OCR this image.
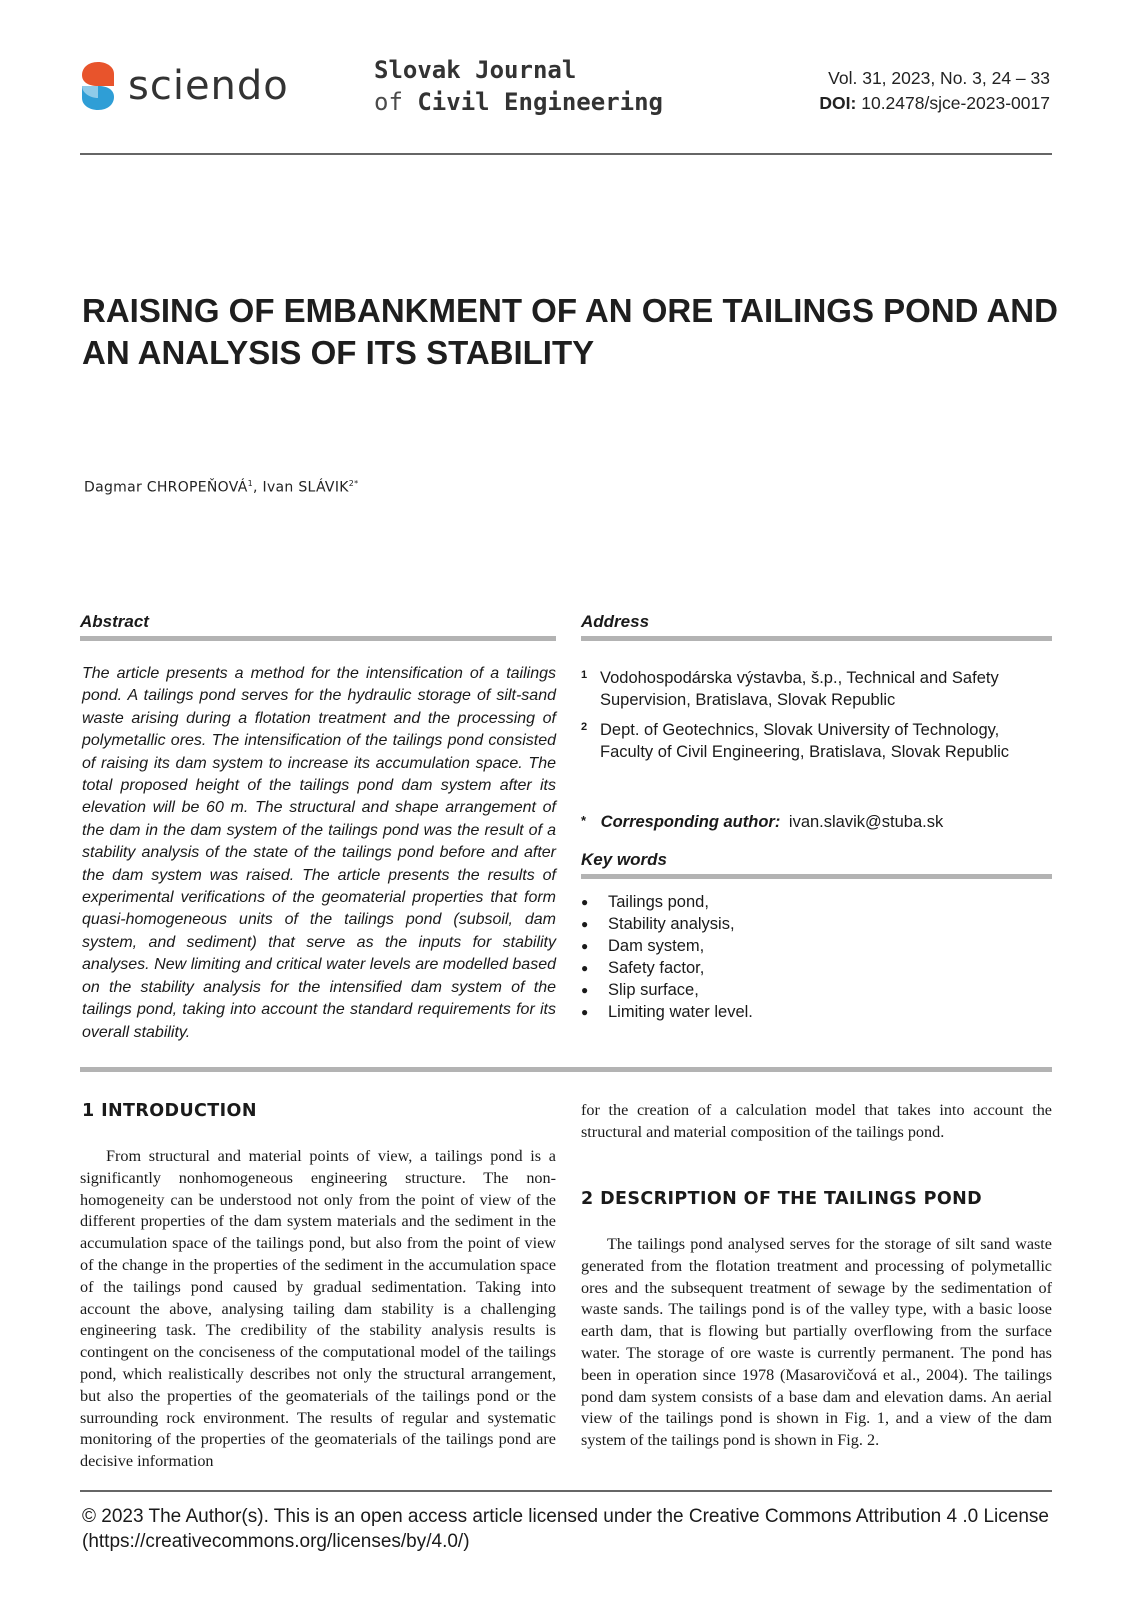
sciendo	Slovak Journal
of Civil Engineering
Vol. 31, 2023, No. 3, 24 – 33
DOI: 10.2478/sjce-2023-0017
RAISING OF EMBANKMENT OF AN ORE TAILINGS POND AND AN ANALYSIS OF ITS STABILITY
Dagmar CHROPEŇOVÁ$^1$, Ivan $SLÁVIK^{2*}$
Abstract
The article presents a method for the intensification of a tailings pond. A tailings pond serves for the hydraulic storage of silt-sand waste arising during a flotation treatment and the processing of polymetallic ores. The intensification of the tailings pond consisted of raising its dam system to increase its accumulation space. The total proposed height of the tailings pond dam system after its elevation will be 60 m. The structural and shape arrangement of the dam in the dam system of the tailings pond was the result of a stability analysis of the state of the tailings pond before and after the dam system was raised. The article presents the results of experimental verifications of the geomaterial properties that form quasi-homogeneous units of the tailings pond (subsoil, dam system, and sediment) that serve as the inputs for stability analyses. New limiting and critical water levels are modelled based on the stability analysis for the intensified dam system of the tailings pond, taking into account the standard requirements for its overall stability.
Address
1 Vodohospodárska výstavba, š.p., Technical and Safety Supervision, Bratislava, Slovak Republic
2 Dept. of Geotechnics, Slovak University of Technology, Faculty of Civil Engineering, Bratislava, Slovak Republic
* Corresponding author: ivan.slavik@stuba.sk
Key words
● Tailings pond,
● Stability analysis,
● Dam system,
● Safety factor,
● Slip surface,
● Limiting water level.
1 INTRODUCTION
From structural and material points of view, a tailings pond is a significantly nonhomogeneous engineering structure. The non-homogeneity can be understood not only from the point of view of the different properties of the dam system materials and the sediment in the accumulation space of the tailings pond, but also from the point of view of the change in the properties of the sediment in the accumulation space of the tailings pond caused by gradual sedimentation. Taking into account the above, analysing tailing dam stability is a challenging engineering task. The credibility of the stability analysis results is contingent on the conciseness of the computational model of the tailings pond, which realistically describes not only the structural arrangement, but also the properties of the geomaterials of the tailings pond or the surrounding rock environment. The results of regular and systematic monitoring of the properties of the geomaterials of the tailings pond are decisive information
for the creation of a calculation model that takes into account the structural and material composition of the tailings pond.
2 DESCRIPTION OF THE TAILINGS POND
The tailings pond analysed serves for the storage of silt sand waste generated from the flotation treatment and processing of polymetallic ores and the subsequent treatment of sewage by the sedimentation of waste sands. The tailings pond is of the valley type, with a basic loose earth dam, that is flowing but partially overflowing from the surface water. The storage of ore waste is currently permanent. The pond has been in operation since 1978 (Masarovičová et al., 2004). The tailings pond dam system consists of a base dam and elevation dams. An aerial view of the tailings pond is shown in Fig. 1, and a view of the dam system of the tailings pond is shown in Fig. 2.
© 2023 The Author(s). This is an open access article licensed under the Creative Commons Attribution 4 .0 License (https://creativecommons.org/licenses/by/4.0/)
